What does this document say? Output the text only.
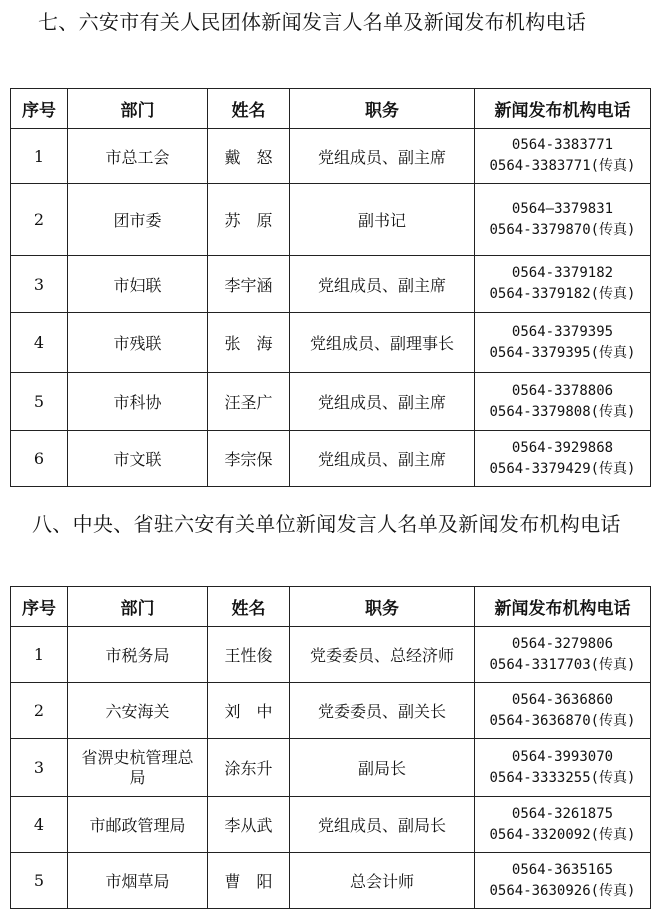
七、六安市有关人民团体新闻发言人名单及新闻发布机构电话
序号	部门	姓名	职务	新闻发布机构电话
1	市总工会	戴　怒	党组成员、副主席	0564-3383771
0564-3383771(传真)

2	团市委	苏　原	副书记	0564—3379831
0564-3379870(传真)

3	市妇联	李宇涵	党组成员、副主席	0564-3379182
0564-3379182(传真)

4	市残联	张　海	党组成员、副理事长	0564-3379395
0564-3379395(传真)

5	市科协	汪圣广	党组成员、副主席	0564-3378806
0564-3379808(传真)

6	市文联	李宗保	党组成员、副主席	0564-3929868
0564-3379429(传真)
八、中央、省驻六安有关单位新闻发言人名单及新闻发布机构电话
序号	部门	姓名	职务	新闻发布机构电话
1	市税务局	王性俊	党委委员、总经济师	0564-3279806
0564-3317703(传真)

2	六安海关	刘　中	党委委员、副关长	0564-3636860
0564-3636870(传真)

3	省淠史杭管理总局	涂东升	副局长	0564-3993070
0564-3333255(传真)

4	市邮政管理局	李从武	党组成员、副局长	0564-3261875
0564-3320092(传真)

5	市烟草局	曹　阳	总会计师	0564-3635165
0564-3630926(传真)
